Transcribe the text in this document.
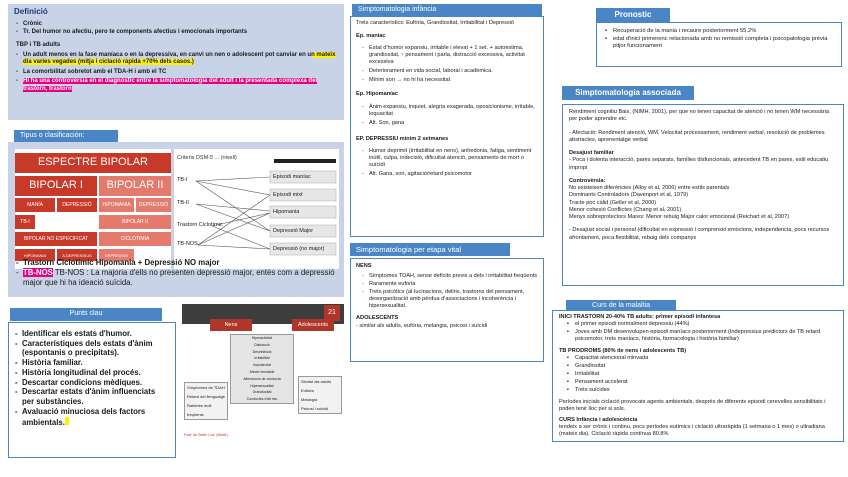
Definició
- Crònic
- Tr. Del humor no afectiu, pero te components afectius i emocionals importants
TBP i TB adults
- Un adult menos en la fase maníaca o en la depressiva, en canvi un nen o adolescent pot canviar en un mateix dia varies vegades (mitja i ciclació ràpida +70% dels casos.)
- La comorbilitat sobretot amb el TDA-H i amb el TC
- Hi ha una controvèrsia en el diagnòstic entre la simptomatologia del adult i la presentada complexa del trastorn, trastorn
Tipus o clasificación:
ESPECTRE BIPOLAR
BIPOLAR I	BIPOLAR II
MANÍA	DEPRESSIÓ	HIPOMANIA	DEPRESSIÓ
TB-I	BIPOLAR II
BIPOLAR NO ESPECIFICAT	CICLOTIMIA
HIPOMANIA	A.DEPRESSIUS	DEPRESSIÓ
Criteris DSM-5 ... (nivell)
TB-I
TB-II
Trastorn Ciclotímic
TB-NOS
Episodi maníac
Episodi mixt
Hipomania
Depressió Major
Depressió (no major)
- Trastorn Ciclotímic Hipomania + Depressió NO major
- TB-NOS TB-NOS : La majoria d'ells no presenten depressió major, entès com a depressió major que hi ha ideació suïcida.
Punts clau
- Identificar els estats d'humor.
- Característiques dels estats d'ànim (espontanis o precipitats).
- Història familiar.
- Història longitudinal del procés.
- Descartar condicions mèdiques.
- Descartar estats d'ànim influenciats per substàncies.
- Avaluació minuciosa dels factors ambientals.
21
Nens	Adolescents
Hiperactivitat
Distracció
Desinhibició
Irritabilitat
Impulsivitat
Afecte inestable
Alteracions de conducta
Hipersexualitat
Grandiositat
Conductes d'alt risc
Símptomes de TDAH
Retard del llenguatge
Rabietes molt freqüents
Similar als adults
Eufòria
Melangia
Psicosi i suïcidi
Font: de Geller i col. (Modif.)
Simptomatologia infància
Trets característics: Eufòria, Grandiositat, Irritabilitat i Depressió
Ep. maniac
- Estat d'humor expansiu, irritable i elevat + 1 set. + autoestima, grandiositat, ↑ pensament i parla, distracció excessiva, activitat excessiva
- Deteriorament en vida social, laboral i acadèmica.
- Mínim son → no hi ha necessitat
Ep. Hipomaníac
- Ànim expansiu, inquiet, alegria exagerada, oposicionisme, irritable, loquacitat
- Alt. Son, gana
EP. DEPRESSIU mínim 2 setmanes
- Humor deprimit (irritabilitat en nens), anhedonia, fatiga, sentiment inútil, culpa, indecisió, dificultat atenció, pensaments de mort o suïcidi
- Alt. Gana, son, agitació/retard psicomotor
Simptomatologia per etapa vital
NENS
- Símptomes TDAH, sense deficits previs a dels i irritabilitat freqüents
- Raramente euforia
- Trets psicòtics (al·lucinacions, deliris, trastorns del pensament, desorganització amb pèrdua d'associacions i incoherència i hipersexualitat.
ADOLESCENTS
- similar als adults, eufòria, melangia, psicosi i suïcidi
Pronostic
▪ Recuperació de la mania i recaure posteriorment 55.2%
▪ edat d'inici primerenc relacionada amb no remissió completa i psicopatologia prèvia pitjor funcionament
Simptomatologia associada
Rendiment cognitiu Baix, (NIMH, 2001), per que no tenen capacitat de atenció i no tenen WM necessària per poder aprendre etc.
- Afectació: Rendiment atenció, WM, Velocitat processament, rendiment verbal, resolució de problemes abstractes, aprenentatge verbal
Desajust familiar
- Poca i dolenta interacció, pares separats, famílies disfuncionals, antecedent TB en pares, estil educatiu impropi
Controvèrsia:
No existeixen diferències (Alloy et al, 2006) entre estils parentals
Dominants Controladors (Davenport et al, 1979)
Tracte poc càlid (Geller et al, 2000)
Menor cohesió Conflictes (Chang et al, 2001)
Menys sobreprotectors Mares: Menor rebuig Major calor emocional (Reichart et al, 2007)
- Desajust social i personal (dificultat en expressió i comprensió emocions, independencia, pocs recursos afrontament, poca flexibilitat, rebuig dels companys
Curs de la malaltia
INICI TRASTORN 20-40% TB adults: primer episodi infantesa
▪ el primer episodi normalment depressiu (44%)
▪ Joves amb DM desenvolupen episodi maníacs posteriorment (Indepressius predictors de TB retard psicomotor, trets maníacs, història, farmacologia i història familiar)
TB PRODROMS (80% de nens i adolescents TB)
▪ Capacitat atencional minvada
▪ Grandiositat
▪ Irritabilitat
▪ Pensament accelerat
▪ Trets suïcides
Períodes inicials ciclació provocats agents ambientals, després de diferents episodi cerevelles sensibilitats i poden tenir lloc per si sols.
CURS Infància i adolescència
tendeix a ser crònic i continu, pocs períodes eutímics i ciclació ultraràpida (1 setmana o 1 mes) o ultradiana (mateix dia). Ciclació ràpida contínua 80.8%
